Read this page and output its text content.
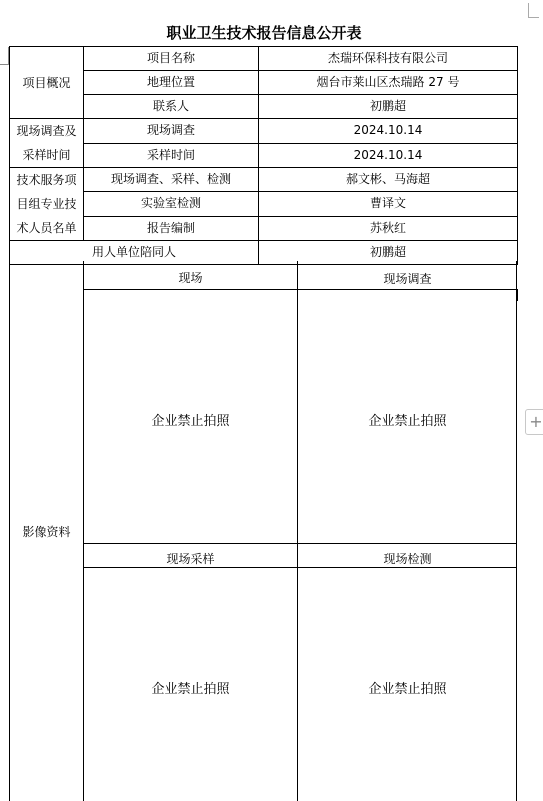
职业卫生技术报告信息公开表
项目概况	项目名称	杰瑞环保科技有限公司
	地理位置	烟台市莱山区杰瑞路 27 号
	联系人	初鹏超

现场调查及
采样时间	现场调查	2024.10.14
	采样时间	2024.10.14

技术服务项
目组专业技
术人员名单	现场调查、采样、检测	郝文彬、马海超
	实验室检测	曹译文
	报告编制	苏秋红
用人单位陪同人		初鹏超
影像资料
现场	现场调查
企业禁止拍照	企业禁止拍照
现场采样	现场检测
企业禁止拍照	企业禁止拍照
+
